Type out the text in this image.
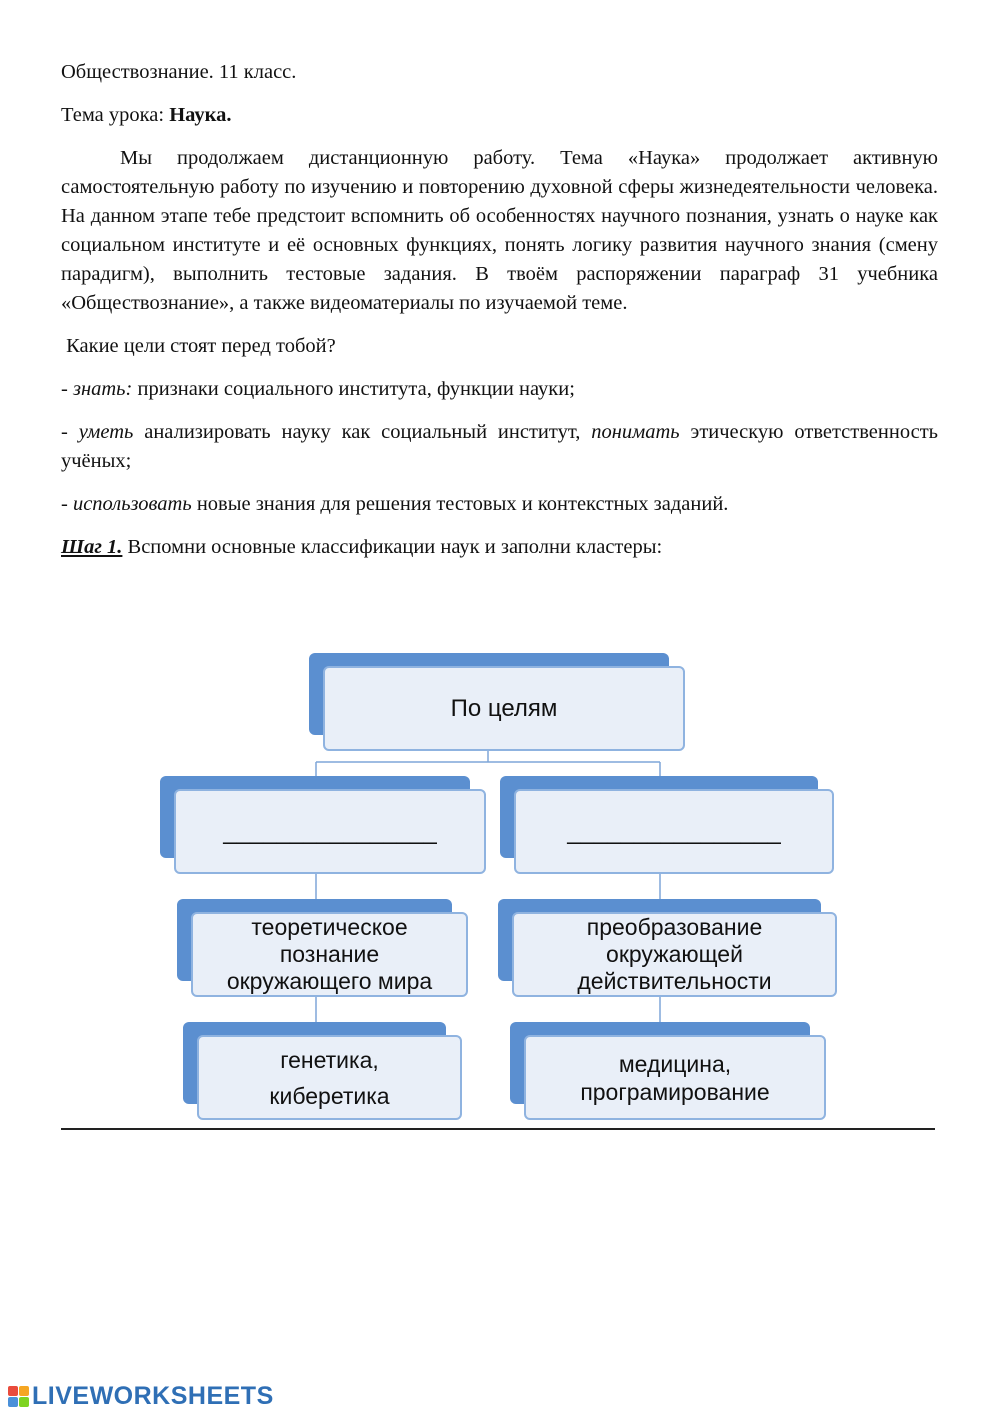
Обществознание. 11 класс.

Тема урока: Наука.

Мы продолжаем дистанционную работу. Тема «Наука» продолжает активную самостоятельную работу по изучению и повторению духовной сферы жизнедеятельности человека. На данном этапе тебе предстоит вспомнить об особенностях научного познания, узнать о науке как социальном институте и её основных функциях, понять логику развития научного знания (смену парадигм), выполнить тестовые задания. В твоём распоряжении параграф 31 учебника «Обществознание», а также видеоматериалы по изучаемой теме.

Какие цели стоят перед тобой?

- знать: признаки социального института, функции науки;

- уметь анализировать науку как социальный институт, понимать этическую ответственность учёных;

- использовать новые знания для решения тестовых и контекстных заданий.

Шаг 1. Вспомни основные классификации наук и заполни кластеры:

По целям
________________	________________
теоретическое
познание
окружающего мира
преобразование
окружающей
действительности
генетика,
киберетика
медицина,
програмирование
LIVEWORKSHEETS
